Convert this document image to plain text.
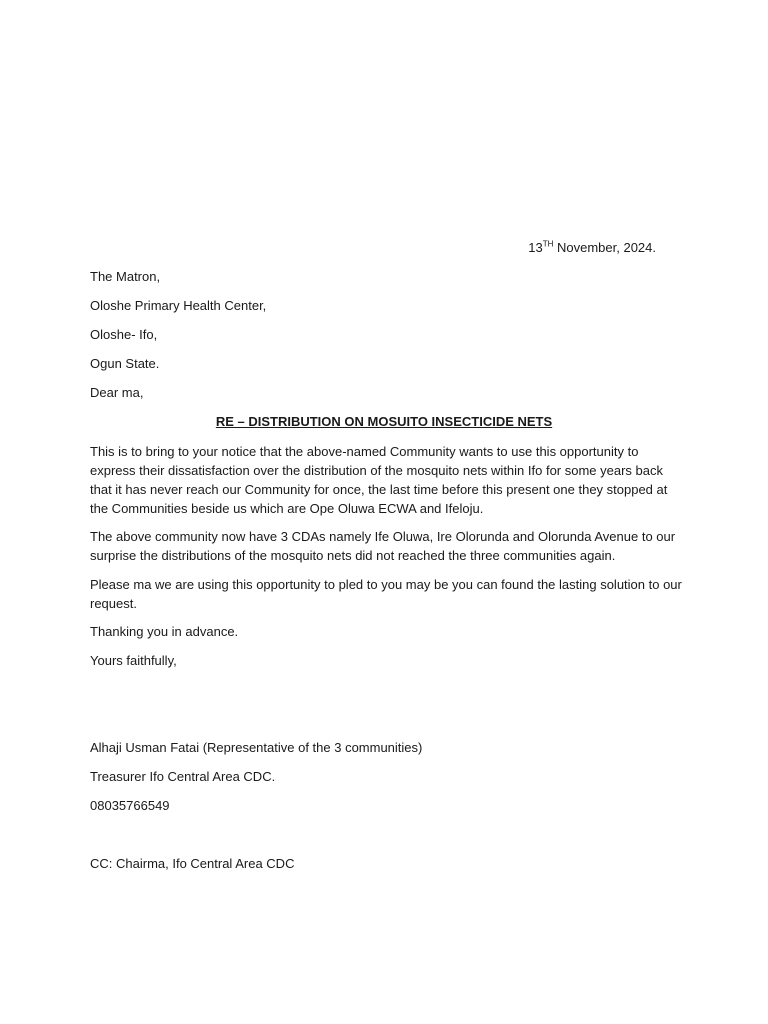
13TH November, 2024.
The Matron,
Oloshe Primary Health Center,
Oloshe- Ifo,
Ogun State.
Dear ma,
RE – DISTRIBUTION ON MOSUITO INSECTICIDE NETS
This is to bring to your notice that the above-named Community wants to use this opportunity to
express their dissatisfaction over the distribution of the mosquito nets within Ifo for some years back
that it has never reach our Community for once, the last time before this present one they stopped at
the Communities beside us which are Ope Oluwa ECWA and Ifeloju.
The above community now have 3 CDAs namely Ife Oluwa, Ire Olorunda and Olorunda Avenue to our
surprise the distributions of the mosquito nets did not reached the three communities again.
Please ma we are using this opportunity to pled to you may be you can found the lasting solution to our
request.
Thanking you in advance.
Yours faithfully,
Alhaji Usman Fatai (Representative of the 3 communities)
Treasurer Ifo Central Area CDC.
08035766549
CC: Chairma, Ifo Central Area CDC
